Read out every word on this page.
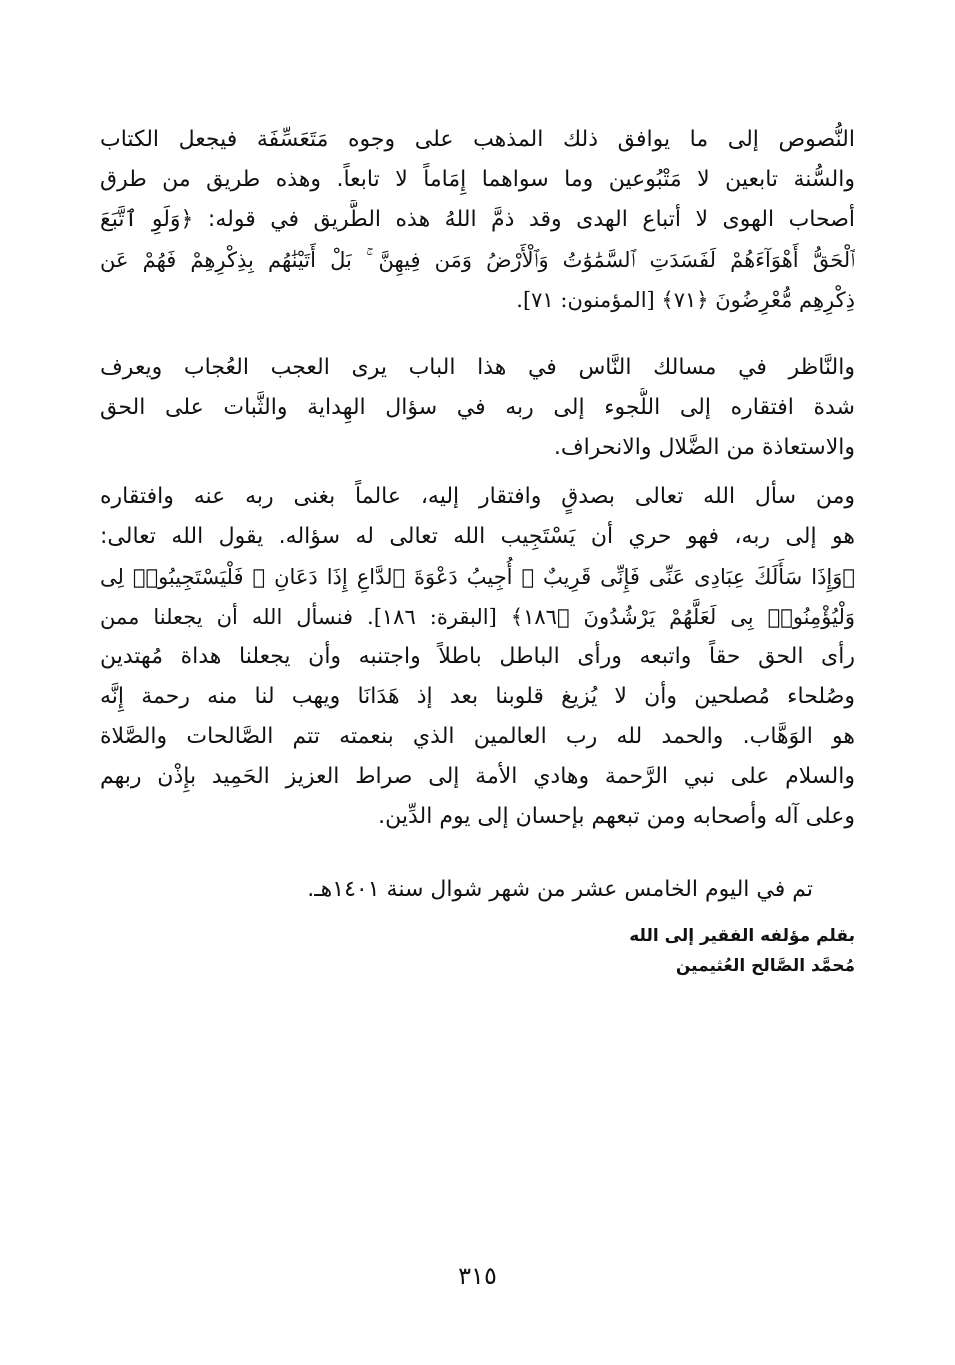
النُّصوص إلى ما يوافق ذلك المذهب على وجوه مَتَعَسِّفَة فيجعل الكتاب
والسُّنة تابعين لا مَتْبُوعين وما سواهما إِمَاماً لا تابعاً. وهذه طريق من طرق
أصحاب الهوى لا أتباع الهدى وقد ذمَّ اللهُ هذه الطَّريق في قوله: ﴿وَلَوِ ٱتَّبَعَ
ٱلْحَقُّ أَهْوَآءَهُمْ لَفَسَدَتِ ٱلسَّمَٰوَٰتُ وَٱلْأَرْضُ وَمَن فِيهِنَّ ۚ بَلْ أَتَيْنَٰهُم بِذِكْرِهِمْ فَهُمْ عَن
ذِكْرِهِم مُّعْرِضُونَ ﴿٧١﴾ [المؤمنون: ٧١].
والنَّاظر في مسالك النَّاس في هذا الباب يرى العجب العُجاب ويعرف
شدة افتقاره إلى اللُّجوء إلى ربه في سؤال الهِداية والثَّبات على الحق
والاستعاذة من الضَّلال والانحراف.
ومن سأل الله تعالى بصدقٍ وافتقار إليه، عالماً بغنى ربه عنه وافتقاره
هو إلى ربه، فهو حري أن يَسْتَجِيب الله تعالى له سؤاله. يقول الله تعالى:
﴿وَإِذَا سَأَلَكَ عِبَادِى عَنِّى فَإِنِّى قَرِيبٌ ۖ أُجِيبُ دَعْوَةَ ٱلدَّاعِ إِذَا دَعَانِ ۖ فَلْيَسْتَجِيبُوا۟ لِى
وَلْيُؤْمِنُوا۟ بِى لَعَلَّهُمْ يَرْشُدُونَ ﴿١٨٦﴾ [البقرة: ١٨٦]. فنسأل الله أن يجعلنا ممن
رأى الحق حقاً واتبعه ورأى الباطل باطلاً واجتنبه وأن يجعلنا هداة مُهتدين
وصُلحاء مُصلحين وأن لا يُزيغ قلوبنا بعد إذ هَدَانَا ويهب لنا منه رحمة إِنَّه
هو الوَهَّاب. والحمد لله رب العالمين الذي بنعمته تتم الصَّالحات والصَّلاة
والسلام على نبي الرَّحمة وهادي الأمة إلى صراط العزيز الحَمِيد بإِذْن ربهم
وعلى آله وأصحابه ومن تبعهم بإحسان إلى يوم الدِّين.
تم في اليوم الخامس عشر من شهر شوال سنة ١٤٠١هـ.
بقلم مؤلفه الفقير إلى الله
مُحمَّد الصَّالح العُثيمين
٣١٥
